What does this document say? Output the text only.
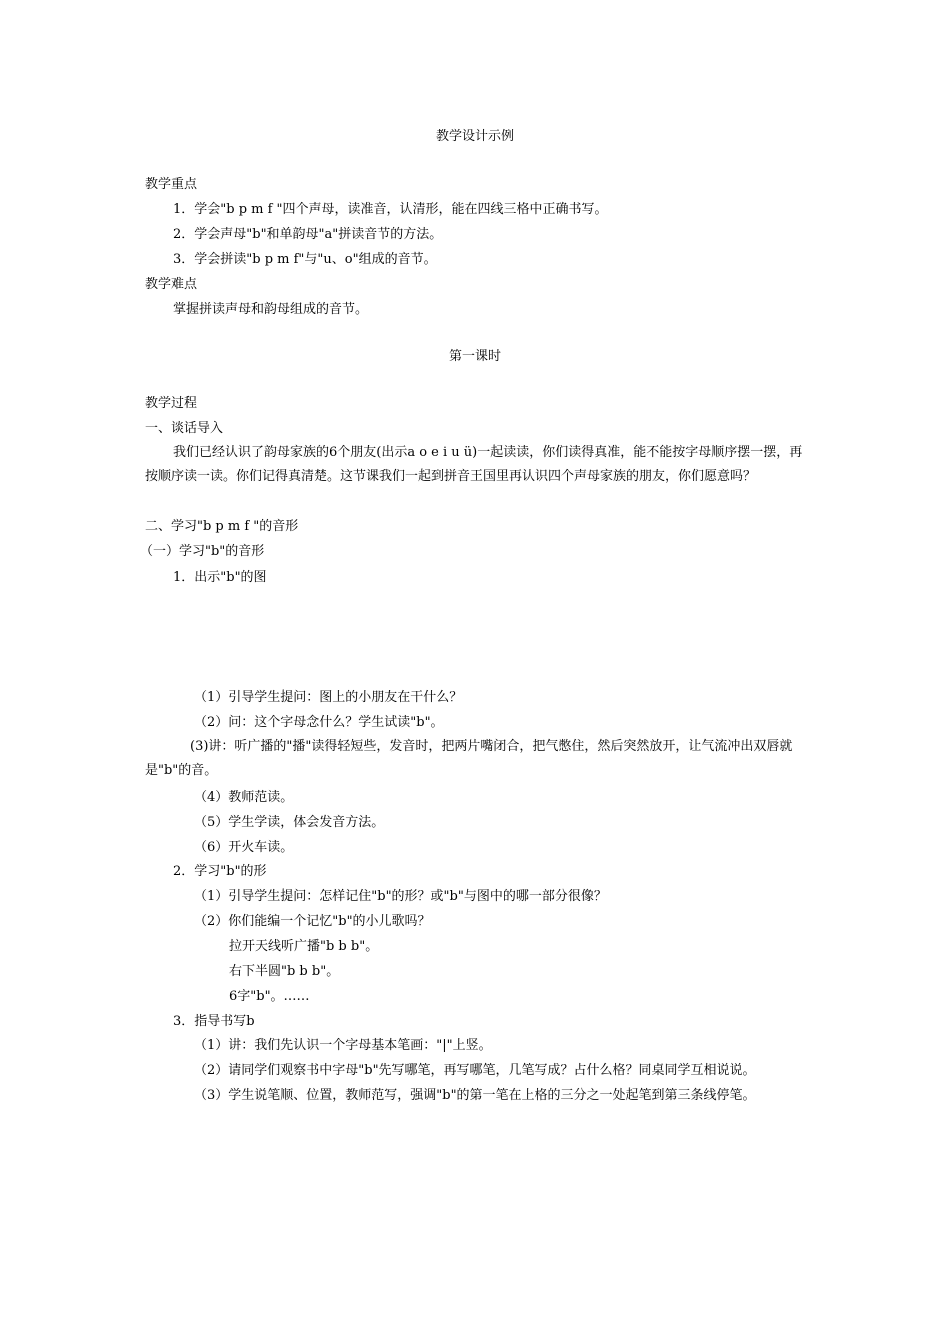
教学设计示例
教学重点
1．学会"b p m f "四个声母，读准音，认清形，能在四线三格中正确书写。
2．学会声母"b"和单韵母"a"拼读音节的方法。
3．学会拼读"b p m f"与"u、o"组成的音节。
教学难点
掌握拼读声母和韵母组成的音节。
第一课时
教学过程
一、谈话导入
我们已经认识了韵母家族的6个朋友(出示a o e i u ü)一起读读，你们读得真准，能不能按字母顺序摆一摆，再按顺序读一读。你们记得真清楚。这节课我们一起到拼音王国里再认识四个声母家族的朋友，你们愿意吗？
二、学习"b p m f "的音形
（一）学习"b"的音形
1．出示"b"的图
（1）引导学生提问：图上的小朋友在干什么？
（2）问：这个字母念什么？学生试读"b"。
(3)讲：听广播的"播"读得轻短些，发音时，把两片嘴闭合，把气憋住，然后突然放开，让气流冲出双唇就是"b"的音。
（4）教师范读。
（5）学生学读，体会发音方法。
（6）开火车读。
2．学习"b"的形
（1）引导学生提问：怎样记住"b"的形？或"b"与图中的哪一部分很像？
（2）你们能编一个记忆"b"的小儿歌吗？
拉开天线听广播"b b b"。
右下半圆"b b b"。
6字"b"。……
3．指导书写b
（1）讲：我们先认识一个字母基本笔画："|"上竖。
（2）请同学们观察书中字母"b"先写哪笔，再写哪笔，几笔写成？占什么格？同桌同学互相说说。
（3）学生说笔顺、位置，教师范写，强调"b"的第一笔在上格的三分之一处起笔到第三条线停笔。
